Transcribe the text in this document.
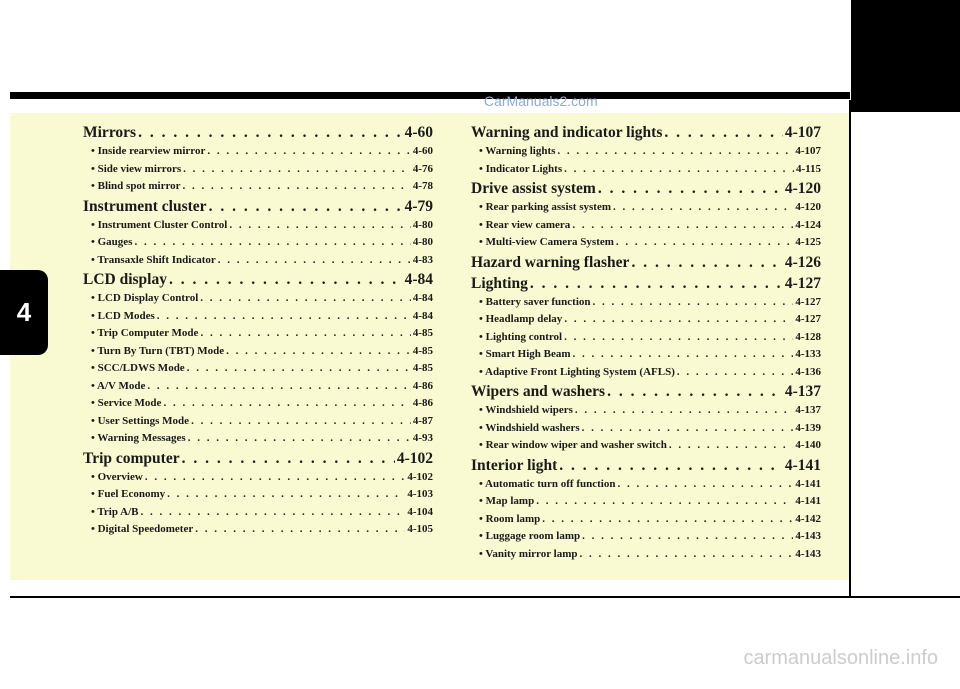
4
CarManuals2.com
Mirrors . . .	4-60
• Inside rearview mirror . . .	4-60
• Side view mirrors . . .	4-76
• Blind spot mirror . . .	4-78
Instrument cluster . . .	4-79
• Instrument Cluster Control . . .	4-80
• Gauges . . .	4-80
• Transaxle Shift Indicator . . .	4-83
LCD display . . .	4-84
• LCD Display Control . . .	4-84
• LCD Modes . . .	4-84
• Trip Computer Mode . . .	4-85
• Turn By Turn (TBT) Mode . . .	4-85
• SCC/LDWS Mode . . .	4-85
• A/V Mode . . .	4-86
• Service Mode . . .	4-86
• User Settings Mode . . .	4-87
• Warning Messages . . .	4-93
Trip computer . . .	4-102
• Overview . . .	4-102
• Fuel Economy . . .	4-103
• Trip A/B . . .	4-104
• Digital Speedometer . . .	4-105
Warning and indicator lights . . .	4-107
• Warning lights . . .	4-107
• Indicator Lights . . .	4-115
Drive assist system . . .	4-120
• Rear parking assist system . . .	4-120
• Rear view camera . . .	4-124
• Multi-view Camera System . . .	4-125
Hazard warning flasher . . .	4-126
Lighting . . .	4-127
• Battery saver function . . .	4-127
• Headlamp delay . . .	4-127
• Lighting control . . .	4-128
• Smart High Beam . . .	4-133
• Adaptive Front Lighting System (AFLS) . . .	4-136
Wipers and washers . . .	4-137
• Windshield wipers . . .	4-137
• Windshield washers . . .	4-139
• Rear window wiper and washer switch . . .	4-140
Interior light . . .	4-141
• Automatic turn off function . . .	4-141
• Map lamp . . .	4-141
• Room lamp . . .	4-142
• Luggage room lamp . . .	4-143
• Vanity mirror lamp . . .	4-143
carmanualsonline.info
